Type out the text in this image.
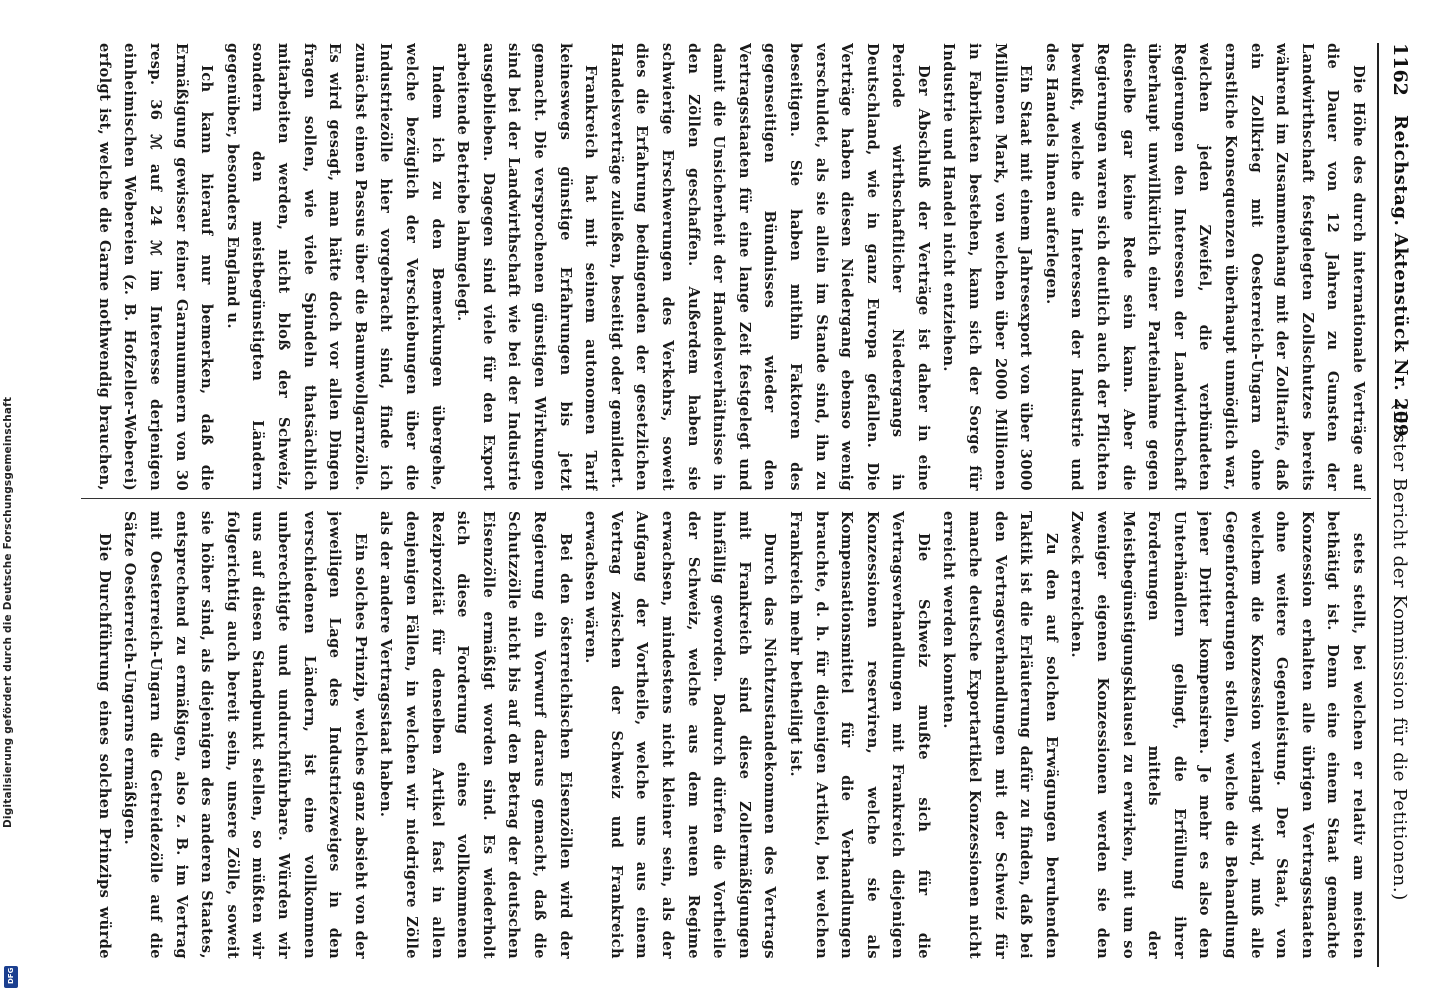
Digitalisierung gefördert durch die Deutsche Forschungsgemeinschaft
DFG
1162
Reichstag. Aktenstück Nr. 209.
(Erster Bericht der Kommission für die Petitionen.)

Die Höhe des durch internationale Verträge auf die Dauer von 12 Jahren zu Gunsten der Landwirthschaft festgelegten Zollschutzes bereits während im Zusammenhang mit der Zolltarife, daß ein Zollkrieg mit Oesterreich-Ungarn ohne ernstliche Konsequenzen überhaupt unmöglich war, welchen jeden Zweifel, die verbündeten Regierungen den Interessen der Landwirthschaft überhaupt unwillkürlich einer Parteinahme gegen dieselbe gar keine Rede sein kann. Aber die Regierungen waren sich deutlich auch der Pflichten bewußt, welche die Interessen der Industrie und des Handels ihnen auferlegen.

Ein Staat mit einem Jahresexport von über 3000 Millionen Mark, von welchen über 2000 Millionen in Fabrikaten bestehen, kann sich der Sorge für Industrie und Handel nicht entziehen.

Der Abschluß der Verträge ist daher in eine Periode wirthschaftlicher Niedergangs in Deutschland, wie in ganz Europa gefallen. Die Verträge haben diesen Niedergang ebenso wenig verschuldet, als sie allein im Stande sind, ihn zu beseitigen. Sie haben mithin Faktoren des gegenseitigen Bündnisses wieder den Vertragsstaaten für eine lange Zeit festgelegt und damit die Unsicherheit der Handelsverhältnisse in den Zöllen geschaffen. Außerdem haben sie schwierige Erschwerungen des Verkehrs, soweit dies die Erfahrung bedingenden der gesetzlichen Handelsverträge zuließen, beseitigt oder gemildert.

Frankreich hat mit seinem autonomen Tarif keineswegs günstige Erfahrungen bis jetzt gemacht. Die versprochenen günstigen Wirkungen sind bei der Landwirthschaft wie bei der Industrie ausgeblieben. Dagegen sind viele für den Export arbeitende Betriebe lahmgelegt.

Indem ich zu den Bemerkungen übergehe, welche bezüglich der Verschiebungen über die Industriezölle hier vorgebracht sind, finde ich zunächst einen Passus über die Baumwollgarnzölle. Es wird gesagt, man hätte doch vor allen Dingen fragen sollen, wie viele Spindeln thatsächlich mitarbeiten werden, nicht bloß der Schweiz, sondern den meistbegünstigten Ländern gegenüber, besonders England u.

Ich kann hierauf nur bemerken, daß die Ermäßigung gewisser feiner Garnnummern von 30 resp. 36 ℳ auf 24 ℳ im Interesse derjenigen einheimischen Webereien (z. B. Hofzeller-Weberei) erfolgt ist, welche die Garne nothwendig brauchen,

stets stellt, bei welchen er relativ am meisten bethätigt ist. Denn eine einem Staat gemachte Konzession erhalten alle übrigen Vertragsstaaten ohne weitere Gegenleistung. Der Staat, von welchem die Konzession verlangt wird, muß alle Gegenforderungen stellen, welche die Behandlung jener Dritter kompensiren. Je mehr es also den Unterhändlern gelingt, die Erfüllung ihrer Forderungen mittels der Meistbegünstigungsklausel zu erwirken, mit um so weniger eigenen Konzessionen werden sie den Zweck erreichen.

Zu den auf solchen Erwägungen beruhenden Taktik ist die Erläuterung dafür zu finden, daß bei den Vertragsverhandlungen mit der Schweiz für manche deutsche Exportartikel Konzessionen nicht erreicht werden konnten.

Die Schweiz mußte sich für die Vertragsverhandlungen mit Frankreich diejenigen Konzessionen reserviren, welche sie als Kompensationsmittel für die Verhandlungen brauchte, d. h. für diejenigen Artikel, bei welchen Frankreich mehr betheiligt ist.

Durch das Nichtzustandekommen des Vertrags mit Frankreich sind diese Zollermäßigungen hinfällig geworden. Dadurch dürfen die Vortheile der Schweiz, welche aus dem neuen Regime erwachsen, mindestens nicht kleiner sein, als der Aufgang der Vortheile, welche uns aus einem Vertrag zwischen der Schweiz und Frankreich erwachsen wären.

Bei den österreichischen Eisenzöllen wird der Regierung ein Vorwurf daraus gemacht, daß die Schutzzölle nicht bis auf den Betrag der deutschen Eisenzölle ermäßigt worden sind. Es wiederholt sich diese Forderung eines vollkommenen Reziprozität für denselben Artikel fast in allen denjenigen Fällen, in welchen wir niedrigere Zölle als der andere Vertragsstaat haben.

Ein solches Prinzip, welches ganz absieht von der jeweiligen Lage des Industriezweiges in den verschiedenen Ländern, ist eine vollkommen unberechtigte und undurchführbare. Würden wir uns auf diesen Standpunkt stellen, so müßten wir folgerichtig auch bereit sein, unsere Zölle, soweit sie höher sind, als diejenigen des anderen Staates, entsprechend zu ermäßigen, also z. B. im Vertrag mit Oesterreich-Ungarn die Getreidezölle auf die Sätze Oesterreich-Ungarns ermäßigen.

Die Durchführung eines solchen Prinzips würde
